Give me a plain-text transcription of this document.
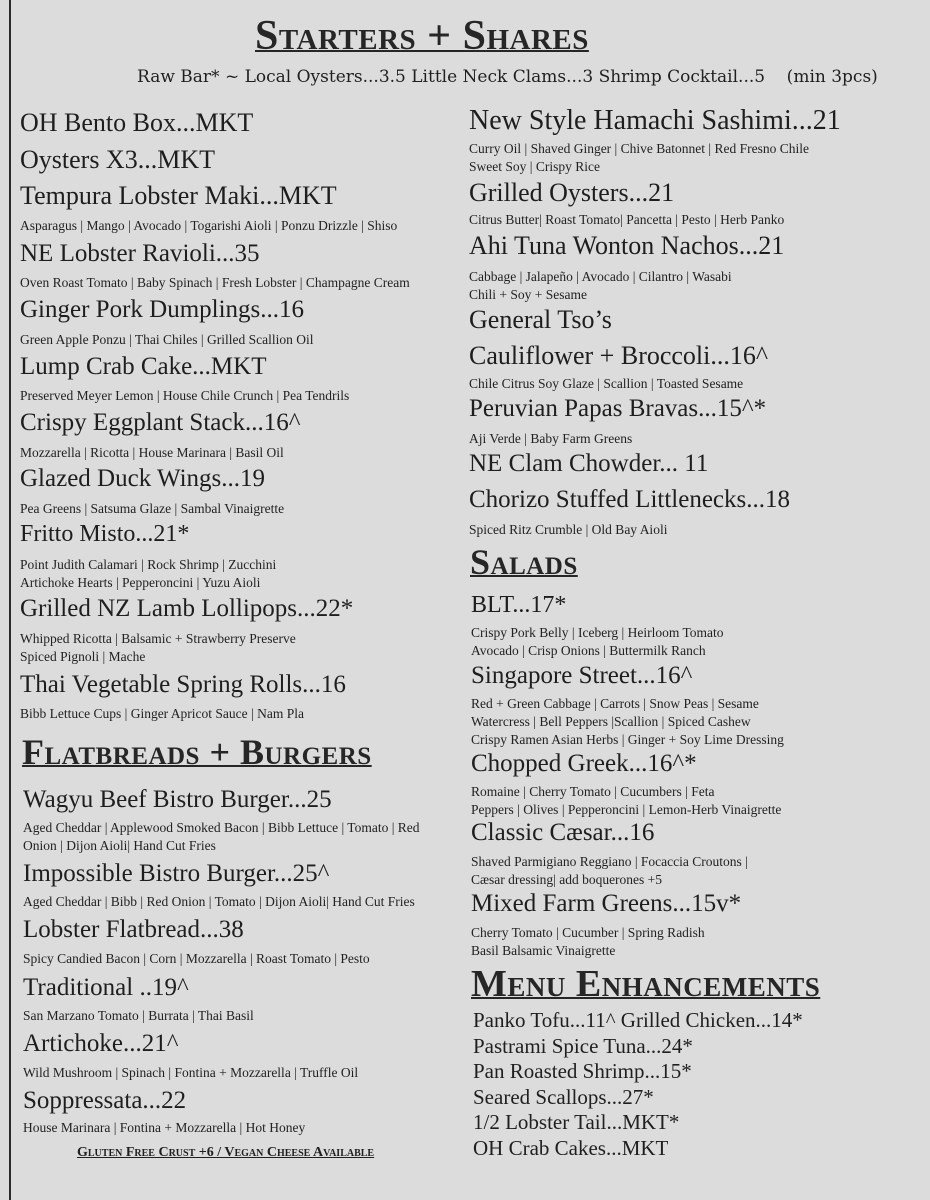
Starters + Shares
Raw Bar* ~ Local Oysters...3.5 Little Neck Clams...3 Shrimp Cocktail...5    (min 3pcs)
Flatbreads + Burgers
Salads
Menu Enhancements
Gluten Free Crust +6 / Vegan Cheese Available
OH Bento Box...MKT
Oysters X3...MKT
Tempura Lobster Maki...MKT
Asparagus | Mango | Avocado | Togarishi Aioli | Ponzu Drizzle | Shiso
NE Lobster Ravioli...35
Oven Roast Tomato | Baby Spinach | Fresh Lobster | Champagne Cream
Ginger Pork Dumplings...16
Green Apple Ponzu | Thai Chiles | Grilled Scallion Oil
Lump Crab Cake...MKT
Preserved Meyer Lemon | House Chile Crunch | Pea Tendrils
Crispy Eggplant Stack...16^
Mozzarella | Ricotta | House Marinara | Basil Oil
Glazed Duck Wings...19
Pea Greens | Satsuma Glaze | Sambal Vinaigrette
Fritto Misto...21*
Point Judith Calamari | Rock Shrimp | Zucchini
Artichoke Hearts | Pepperoncini | Yuzu Aioli
Grilled NZ Lamb Lollipops...22*
Whipped Ricotta | Balsamic + Strawberry Preserve
Spiced Pignoli | Mache
Thai Vegetable Spring Rolls...16
Bibb Lettuce Cups | Ginger Apricot Sauce | Nam Pla
New Style Hamachi Sashimi...21
Curry Oil | Shaved Ginger | Chive Batonnet | Red Fresno Chile
Sweet Soy | Crispy Rice
Grilled Oysters...21
Citrus Butter| Roast Tomato| Pancetta | Pesto | Herb Panko
Ahi Tuna Wonton Nachos...21
Cabbage | Jalapeño | Avocado | Cilantro | Wasabi
Chili + Soy + Sesame
General Tso’s
Cauliflower + Broccoli...16^
Chile Citrus Soy Glaze | Scallion | Toasted Sesame
Peruvian Papas Bravas...15^*
Aji Verde | Baby Farm Greens
NE Clam Chowder... 11
Chorizo Stuffed Littlenecks...18
Spiced Ritz Crumble | Old Bay Aioli
Wagyu Beef Bistro Burger...25
Aged Cheddar | Applewood Smoked Bacon | Bibb Lettuce | Tomato | Red
Onion | Dijon Aioli| Hand Cut Fries
Impossible Bistro Burger...25^
Aged Cheddar | Bibb | Red Onion | Tomato | Dijon Aioli| Hand Cut Fries
Lobster Flatbread...38
Spicy Candied Bacon | Corn | Mozzarella | Roast Tomato | Pesto
Traditional ..19^
San Marzano Tomato | Burrata | Thai Basil
Artichoke...21^
Wild Mushroom | Spinach | Fontina + Mozzarella | Truffle Oil
Soppressata...22
House Marinara | Fontina + Mozzarella | Hot Honey
BLT...17*
Crispy Pork Belly | Iceberg | Heirloom Tomato
Avocado | Crisp Onions | Buttermilk Ranch
Singapore Street...16^
Red + Green Cabbage | Carrots | Snow Peas | Sesame
Watercress | Bell Peppers |Scallion | Spiced Cashew
Crispy Ramen Asian Herbs | Ginger + Soy Lime Dressing
Chopped Greek...16^*
Romaine | Cherry Tomato | Cucumbers | Feta
Peppers | Olives | Pepperoncini | Lemon-Herb Vinaigrette
Classic Cæsar...16
Shaved Parmigiano Reggiano | Focaccia Croutons |
Cæsar dressing| add boquerones +5
Mixed Farm Greens...15v*
Cherry Tomato | Cucumber | Spring Radish
Basil Balsamic Vinaigrette
Panko Tofu...11^ Grilled Chicken...14*
Pastrami Spice Tuna...24*
Pan Roasted Shrimp...15*
Seared Scallops...27*
1/2 Lobster Tail...MKT*
OH Crab Cakes...MKT
